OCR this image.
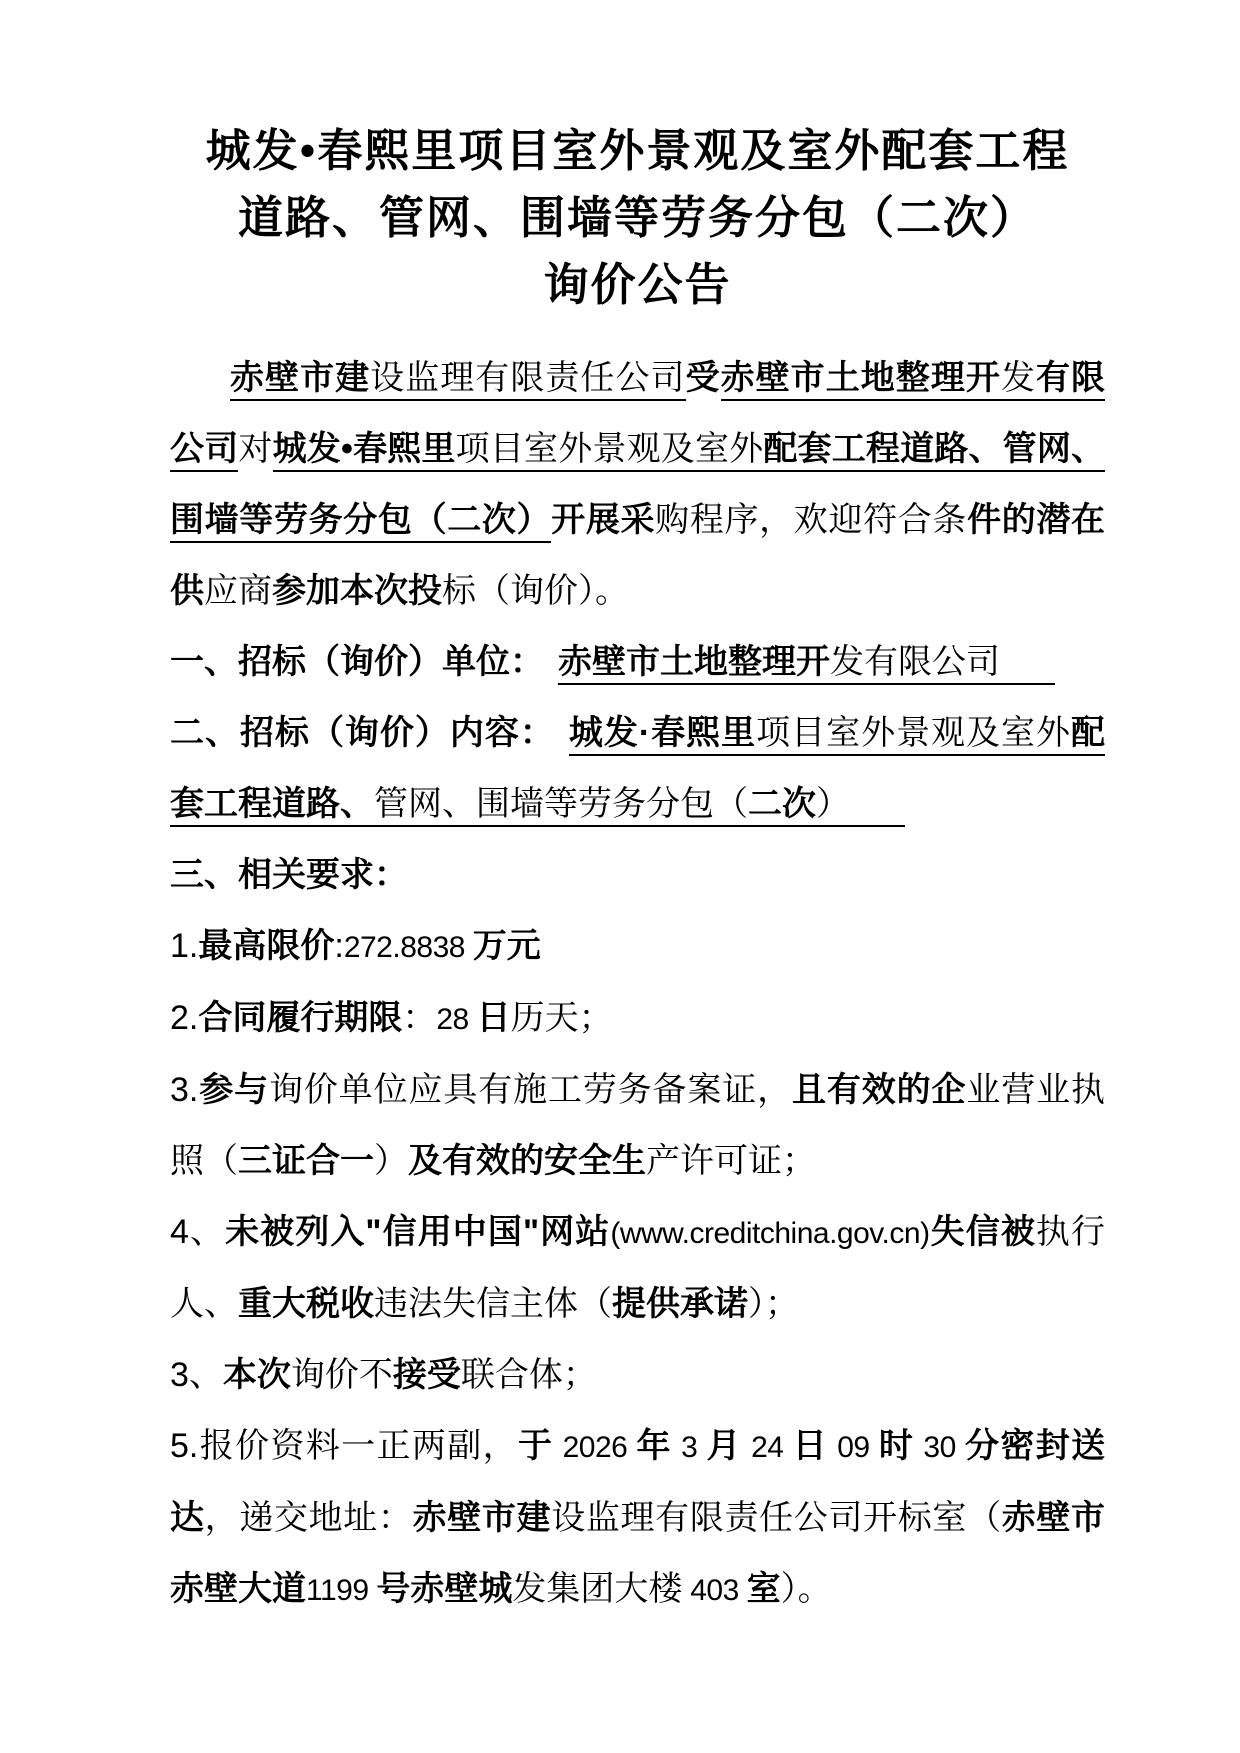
城发•春熙里项目室外景观及室外配套工程
道路、管网、围墙等劳务分包（二次）
询价公告

赤壁市建设监理有限责任公司受赤壁市土地整理开发有限公司对城发•春熙里项目室外景观及室外配套工程道路、管网、围墙等劳务分包（二次）开展采购程序，欢迎符合条件的潜在供应商参加本次投标（询价）。

一、招标（询价）单位： 赤壁市土地整理开发有限公司

二、招标（询价）内容： 城发·春熙里项目室外景观及室外配套工程道路、管网、围墙等劳务分包（二次）

三、相关要求：

1.最高限价:272.8838 万元

2.合同履行期限：28 日历天；

3.参与询价单位应具有施工劳务备案证，且有效的企业营业执照（三证合一）及有效的安全生产许可证；

4、未被列入"信用中国"网站(www.creditchina.gov.cn)失信被执行人、重大税收违法失信主体（提供承诺）；

3、本次询价不接受联合体；

5.报价资料一正两副，于 2026 年 3 月 24 日 09 时 30 分密封送达，递交地址：赤壁市建设监理有限责任公司开标室（赤壁市赤壁大道1199 号赤壁城发集团大楼 403 室）。
